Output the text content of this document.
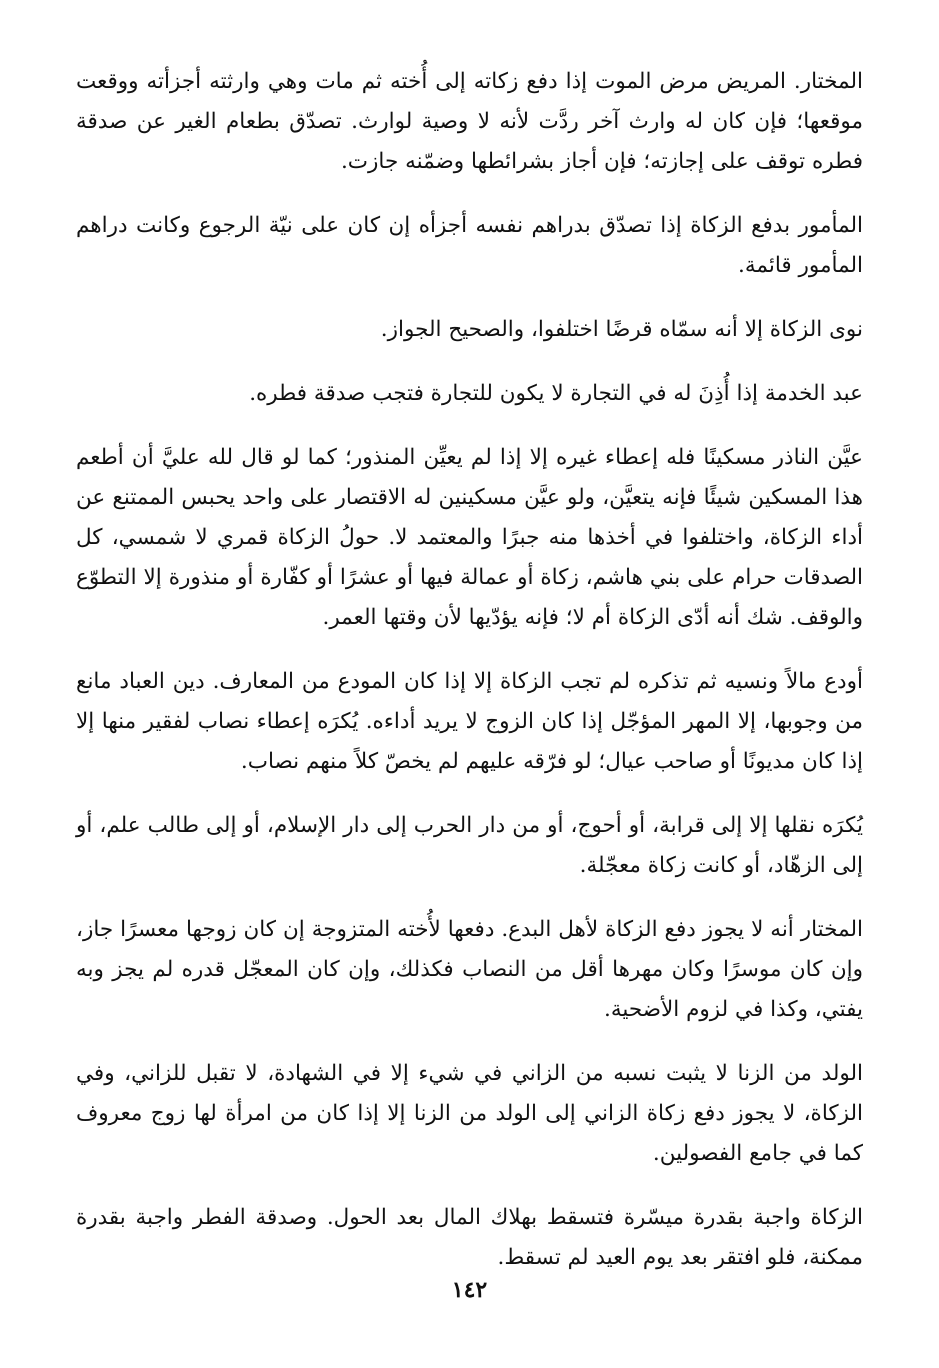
المختار. المريض مرض الموت إذا دفع زكاته إلى أُخته ثم مات وهي وارثته أجزأته ووقعت موقعها؛ فإن كان له وارث آخر ردَّت لأنه لا وصية لوارث. تصدّق بطعام الغير عن صدقة فطره توقف على إجازته؛ فإن أجاز بشرائطها وضمّنه جازت.

المأمور بدفع الزكاة إذا تصدّق بدراهم نفسه أجزأه إن كان على نيّة الرجوع وكانت دراهم المأمور قائمة.

نوى الزكاة إلا أنه سمّاه قرضًا اختلفوا، والصحيح الجواز.

عبد الخدمة إذا أُذِنَ له في التجارة لا يكون للتجارة فتجب صدقة فطره.

عيَّن الناذر مسكينًا فله إعطاء غيره إلا إذا لم يعيِّن المنذور؛ كما لو قال لله عليَّ أن أطعم هذا المسكين شيئًا فإنه يتعيَّن، ولو عيَّن مسكينين له الاقتصار على واحد يحبس الممتنع عن أداء الزكاة، واختلفوا في أخذها منه جبرًا والمعتمد لا. حولُ الزكاة قمري لا شمسي، كل الصدقات حرام على بني هاشم، زكاة أو عمالة فيها أو عشرًا أو كفّارة أو منذورة إلا التطوّع والوقف. شك أنه أدّى الزكاة أم لا؛ فإنه يؤدّيها لأن وقتها العمر.

أودع مالاً ونسيه ثم تذكره لم تجب الزكاة إلا إذا كان المودع من المعارف. دين العباد مانع من وجوبها، إلا المهر المؤجّل إذا كان الزوج لا يريد أداءه. يُكرَه إعطاء نصاب لفقير منها إلا إذا كان مديونًا أو صاحب عيال؛ لو فرّقه عليهم لم يخصّ كلاً منهم نصاب.

يُكرَه نقلها إلا إلى قرابة، أو أحوج، أو من دار الحرب إلى دار الإسلام، أو إلى طالب علم، أو إلى الزهّاد، أو كانت زكاة معجّلة.

المختار أنه لا يجوز دفع الزكاة لأهل البدع. دفعها لأُخته المتزوجة إن كان زوجها معسرًا جاز، وإن كان موسرًا وكان مهرها أقل من النصاب فكذلك، وإن كان المعجّل قدره لم يجز وبه يفتي، وكذا في لزوم الأضحية.

الولد من الزنا لا يثبت نسبه من الزاني في شيء إلا في الشهادة، لا تقبل للزاني، وفي الزكاة، لا يجوز دفع زكاة الزاني إلى الولد من الزنا إلا إذا كان من امرأة لها زوج معروف كما في جامع الفصولين.

الزكاة واجبة بقدرة ميسّرة فتسقط بهلاك المال بعد الحول. وصدقة الفطر واجبة بقدرة ممكنة، فلو افتقر بعد يوم العيد لم تسقط.

١٤٢
